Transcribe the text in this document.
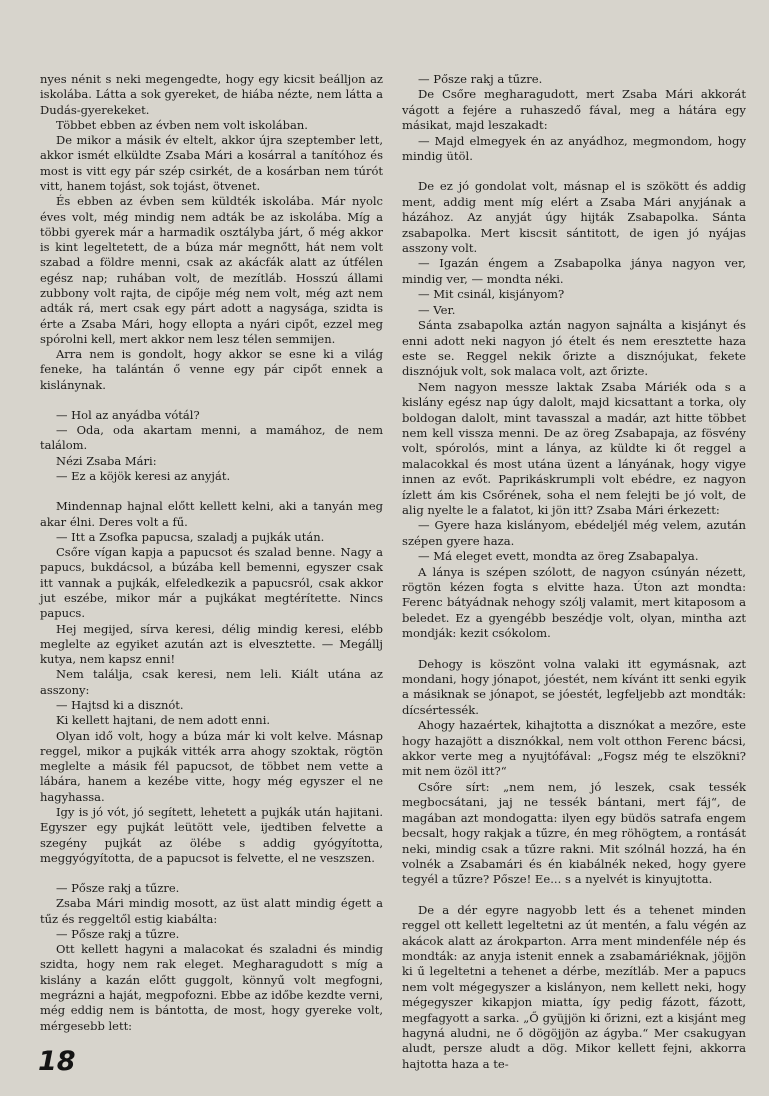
nyes nénit s neki megengedte, hogy egy kicsit beálljon az iskolába. Látta a sok gyereket, de hiába nézte, nem látta a Dudás-gyerekeket.

Többet ebben az évben nem volt iskolában.

De mikor a másik év eltelt, akkor újra szeptember lett, akkor ismét elküldte Zsaba Mári a kosárral a tanítóhoz és most is vitt egy pár szép csirkét, de a kosárban nem túrót vitt, hanem tojást, sok tojást, ötvenet.

És ebben az évben sem küldték iskolába. Már nyolc éves volt, még mindig nem adták be az iskolába. Míg a többi gyerek már a harmadik osztályba járt, ő még akkor is kint legeltetett, de a búza már megnőtt, hát nem volt szabad a földre menni, csak az akácfák alatt az útfélen egész nap; ruhában volt, de mezítláb. Hosszú állami zubbony volt rajta, de cipője még nem volt, még azt nem adták rá, mert csak egy párt adott a nagysága, szidta is érte a Zsaba Mári, hogy ellopta a nyári cipőt, ezzel meg spórolni kell, mert akkor nem lesz télen semmijen.

Arra nem is gondolt, hogy akkor se esne ki a világ feneke, ha talántán ő venne egy pár cipőt ennek a kislánynak.

— Hol az anyádba vótál?

— Oda, oda akartam menni, a mamához, de nem találom.

Nézi Zsaba Mári:

— Ez a köjök keresi az anyját.

Mindennap hajnal előtt kellett kelni, aki a tanyán meg akar élni. Deres volt a fű.

— Itt a Zsofka papucsa, szaladj a pujkák után.

Csőre vígan kapja a papucsot és szalad benne. Nagy a papucs, bukdácsol, a búzába kell bemenni, egyszer csak itt vannak a pujkák, elfeledkezik a papucsról, csak akkor jut eszébe, mikor már a pujkákat megtérítette. Nincs papucs.

Hej megijed, sírva keresi, délig mindig keresi, elébb meglelte az egyiket azután azt is elvesztette. — Megállj kutya, nem kapsz enni!

Nem találja, csak keresi, nem leli. Kiált utána az asszony:

— Hajtsd ki a disznót.

Ki kellett hajtani, de nem adott enni.

Olyan idő volt, hogy a búza már ki volt kelve. Másnap reggel, mikor a pujkák vitték arra ahogy szoktak, rögtön meglelte a másik fél papucsot, de többet nem vette a lábára, hanem a kezébe vitte, hogy még egyszer el ne hagyhassa.

Igy is jó vót, jó segített, lehetett a pujkák után hajitani. Egyszer egy pujkát leütött vele, ijedtiben felvette a szegény pujkát az ölébe s addig gyógyította, meggyógyította, de a papucsot is felvette, el ne veszszen.

— Pősze rakj a tűzre.

Zsaba Mári mindig mosott, az üst alatt mindig égett a tűz és reggeltől estig kiabálta:

— Pősze rakj a tűzre.

Ott kellett hagyni a malacokat és szaladni és mindig szidta, hogy nem rak eleget. Megharagudott s míg a kislány a kazán előtt guggolt, könnyű volt megfogni, megrázni a haját, megpofozni. Ebbe az időbe kezdte verni, még eddig nem is bántotta, de most, hogy gyereke volt, mérgesebb lett:

— Pősze rakj a tűzre.

De Csőre megharagudott, mert Zsaba Mári akkorát vágott a fejére a ruhaszedő fával, meg a hátára egy másikat, majd leszakadt:

— Majd elmegyek én az anyádhoz, megmondom, hogy mindig ütöl.

De ez jó gondolat volt, másnap el is szökött és addig ment, addig ment míg elért a Zsaba Mári anyjának a házához. Az anyját úgy hijták Zsabapolka. Sánta zsabapolka. Mert kiscsit sántitott, de igen jó nyájas asszony volt.

— Igazán éngem a Zsabapolka jánya nagyon ver, mindig ver, — mondta néki.

— Mit csinál, kisjányom?

— Ver.

Sánta zsabapolka aztán nagyon sajnálta a kisjányt és enni adott neki nagyon jó ételt és nem eresztette haza este se. Reggel nekik őrizte a disznójukat, fekete disznójuk volt, sok malaca volt, azt őrizte.

Nem nagyon messze laktak Zsaba Máriék oda s a kislány egész nap úgy dalolt, majd kicsattant a torka, oly boldogan dalolt, mint tavasszal a madár, azt hitte többet nem kell vissza menni. De az öreg Zsabapaja, az fösvény volt, spórolós, mint a lánya, az küldte ki őt reggel a malacokkal és most utána üzent a lányának, hogy vigye innen az evőt. Paprikáskrumpli volt ebédre, ez nagyon ízlett ám kis Csőrének, soha el nem felejti be jó volt, de alig nyelte le a falatot, ki jön itt? Zsaba Mári érkezett:

— Gyere haza kislányom, ebédeljél még velem, azután szépen gyere haza.

— Má eleget evett, mondta az öreg Zsabapalya.

A lánya is szépen szólott, de nagyon csúnyán nézett, rögtön kézen fogta s elvitte haza. Úton azt mondta: Ferenc bátyádnak nehogy szólj valamit, mert kitaposom a beledet. Ez a gyengébb beszédje volt, olyan, mintha azt mondják: kezit csókolom.

Dehogy is köszönt volna valaki itt egymásnak, azt mondani, hogy jónapot, jóestét, nem kívánt itt senki egyik a másiknak se jónapot, se jóestét, legfeljebb azt mondták: dícsértessék.

Ahogy hazaértek, kihajtotta a disznókat a mezőre, este hogy hazajött a disznókkal, nem volt otthon Ferenc bácsi, akkor verte meg a nyujtófával: „Fogsz még te elszökni? mit nem özöl itt?“

Csőre sírt: „nem nem, jó leszek, csak tessék megbocsátani, jaj ne tessék bántani, mert fáj“, de magában azt mondogatta: ilyen egy büdös satrafa engem becsalt, hogy rakjak a tűzre, én meg röhögtem, a rontását neki, mindig csak a tűzre rakni. Mit szólnál hozzá, ha én volnék a Zsabamári és én kiabálnék neked, hogy gyere tegyél a tűzre? Pősze! Ee... s a nyelvét is kinyujtotta.

De a dér egyre nagyobb lett és a tehenet minden reggel ott kellett legeltetni az út mentén, a falu végén az akácok alatt az árokparton. Arra ment mindenféle nép és mondták: az anyja istenit ennek a zsabamáriéknak, jöjjön ki ű legeltetni a tehenet a dérbe, mezítláb. Mer a papucs nem volt mégegyszer a kislányon, nem kellett neki, hogy mégegyszer kikapjon miatta, így pedig fázott, fázott, megfagyott a sarka. „Ő gyüjjön ki őrizni, ezt a kisjánt meg hagyná aludni, ne ő dögöjjön az ágyba.“ Mer csakugyan aludt, persze aludt a dög. Mikor kellett fejni, akkorra hajtotta haza a te-

18
